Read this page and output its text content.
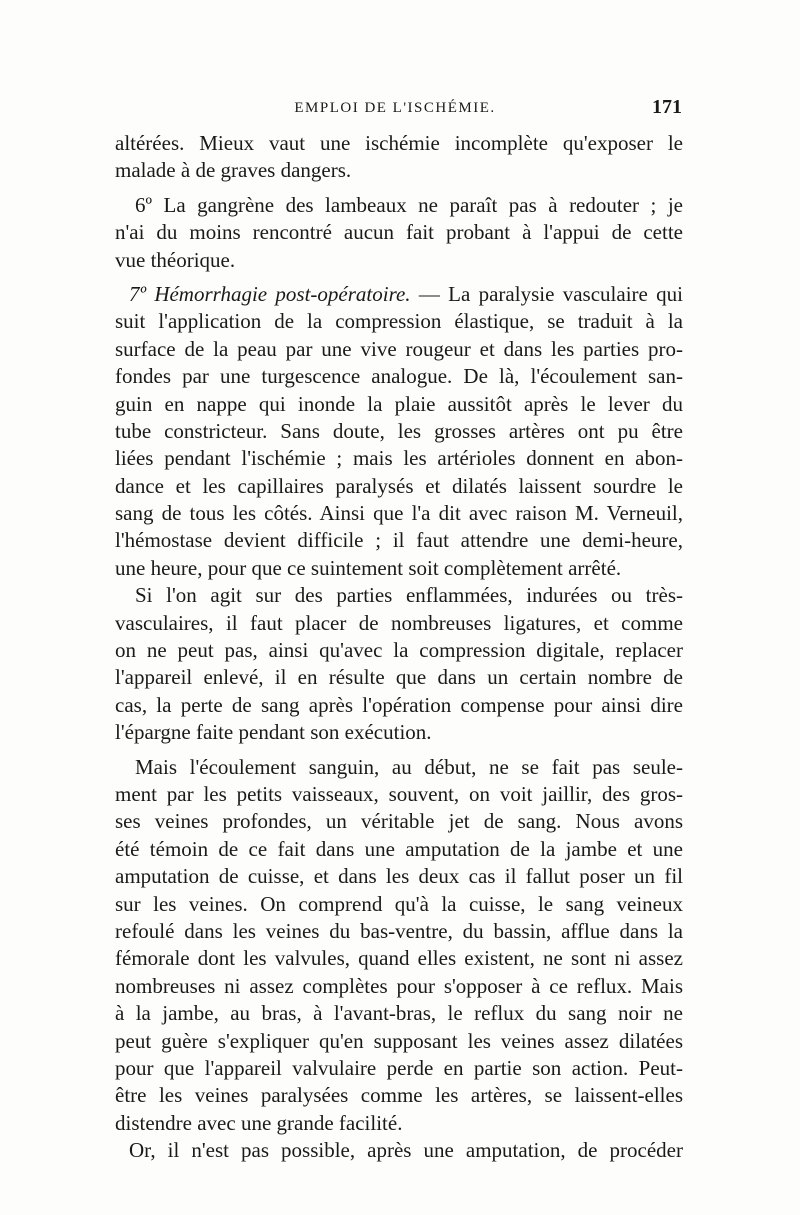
EMPLOI DE L'ISCHÉMIE.	171
altérées. Mieux vaut une ischémie incomplète qu'exposer le
malade à de graves dangers.
6º La gangrène des lambeaux ne paraît pas à redouter ; je
n'ai du moins rencontré aucun fait probant à l'appui de cette
vue théorique.
7º Hémorrhagie post-opératoire. — La paralysie vasculaire qui
suit l'application de la compression élastique, se traduit à la
surface de la peau par une vive rougeur et dans les parties pro-
fondes par une turgescence analogue. De là, l'écoulement san-
guin en nappe qui inonde la plaie aussitôt après le lever du
tube constricteur. Sans doute, les grosses artères ont pu être
liées pendant l'ischémie ; mais les artérioles donnent en abon-
dance et les capillaires paralysés et dilatés laissent sourdre le
sang de tous les côtés. Ainsi que l'a dit avec raison M. Verneuil,
l'hémostase devient difficile ; il faut attendre une demi-heure,
une heure, pour que ce suintement soit complètement arrêté.
Si l'on agit sur des parties enflammées, indurées ou très-
vasculaires, il faut placer de nombreuses ligatures, et comme
on ne peut pas, ainsi qu'avec la compression digitale, replacer
l'appareil enlevé, il en résulte que dans un certain nombre de
cas, la perte de sang après l'opération compense pour ainsi dire
l'épargne faite pendant son exécution.
Mais l'écoulement sanguin, au début, ne se fait pas seule-
ment par les petits vaisseaux, souvent, on voit jaillir, des gros-
ses veines profondes, un véritable jet de sang. Nous avons
été témoin de ce fait dans une amputation de la jambe et une
amputation de cuisse, et dans les deux cas il fallut poser un fil
sur les veines. On comprend qu'à la cuisse, le sang veineux
refoulé dans les veines du bas-ventre, du bassin, afflue dans la
fémorale dont les valvules, quand elles existent, ne sont ni assez
nombreuses ni assez complètes pour s'opposer à ce reflux. Mais
à la jambe, au bras, à l'avant-bras, le reflux du sang noir ne
peut guère s'expliquer qu'en supposant les veines assez dilatées
pour que l'appareil valvulaire perde en partie son action. Peut-
être les veines paralysées comme les artères, se laissent-elles
distendre avec une grande facilité.
Or, il n'est pas possible, après une amputation, de procéder
